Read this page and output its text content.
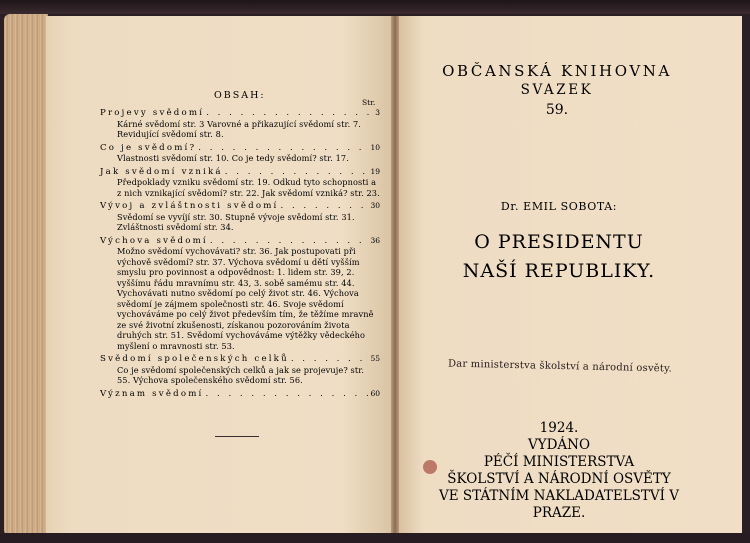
OBSAH:
Str.
Projevy svědomí . . .	3
Kárné svědomí str. 3 Varovné a přikazující svědomí str. 7. Revidující svědomí str. 8.
Co je svědomí? . . .	10
Vlastnosti svědomí str. 10. Co je tedy svědomí? str. 17.
Jak svědomí vzniká . . .	19
Předpoklady vzniku svědomí str. 19. Odkud tyto schopnosti a z nich vznikající svědomí? str. 22. Jak svědomí vzniká? str. 23.
Vývoj a zvláštnosti svědomí . . .	30
Svědomí se vyvíjí str. 30. Stupně vývoje svědomí str. 31. Zvláštnosti svědomí str. 34.
Výchova svědomí . . .	36
Možno svědomí vychovávati? str. 36. Jak postupovati při výchově svědomí? str. 37. Výchova svědomí u dětí vyšším smyslu pro povinnost a odpovědnost: 1. lidem str. 39, 2. vyššímu řádu mravnímu str. 43, 3. sobě samému str. 44. Vychovávati nutno svědomí po celý život str. 46. Výchova svědomí je zájmem společnosti str. 46. Svoje svědomí vychováváme po celý život především tím, že těžíme mravně ze své životní zkušenosti, získanou pozorováním života druhých str. 51. Svědomí vychováváme výtěžky vědeckého myšlení o mravnosti str. 53.
Svědomí společenských celků . . .	55
Co je svědomí společenských celků a jak se projevuje? str. 55. Výchova společenského svědomí str. 56.
Význam svědomí . . .	60
OBČANSKÁ KNIHOVNA
SVAZEK
59.
Dr. EMIL SOBOTA:
O PRESIDENTU
NAŠÍ REPUBLIKY.
Dar ministerstva školství a národní osvěty.
1924.
VYDÁNO
PÉČÍ MINISTERSTVA
ŠKOLSTVÍ A NÁRODNÍ OSVĚTY
VE STÁTNÍM NAKLADATELSTVÍ V PRAZE.
